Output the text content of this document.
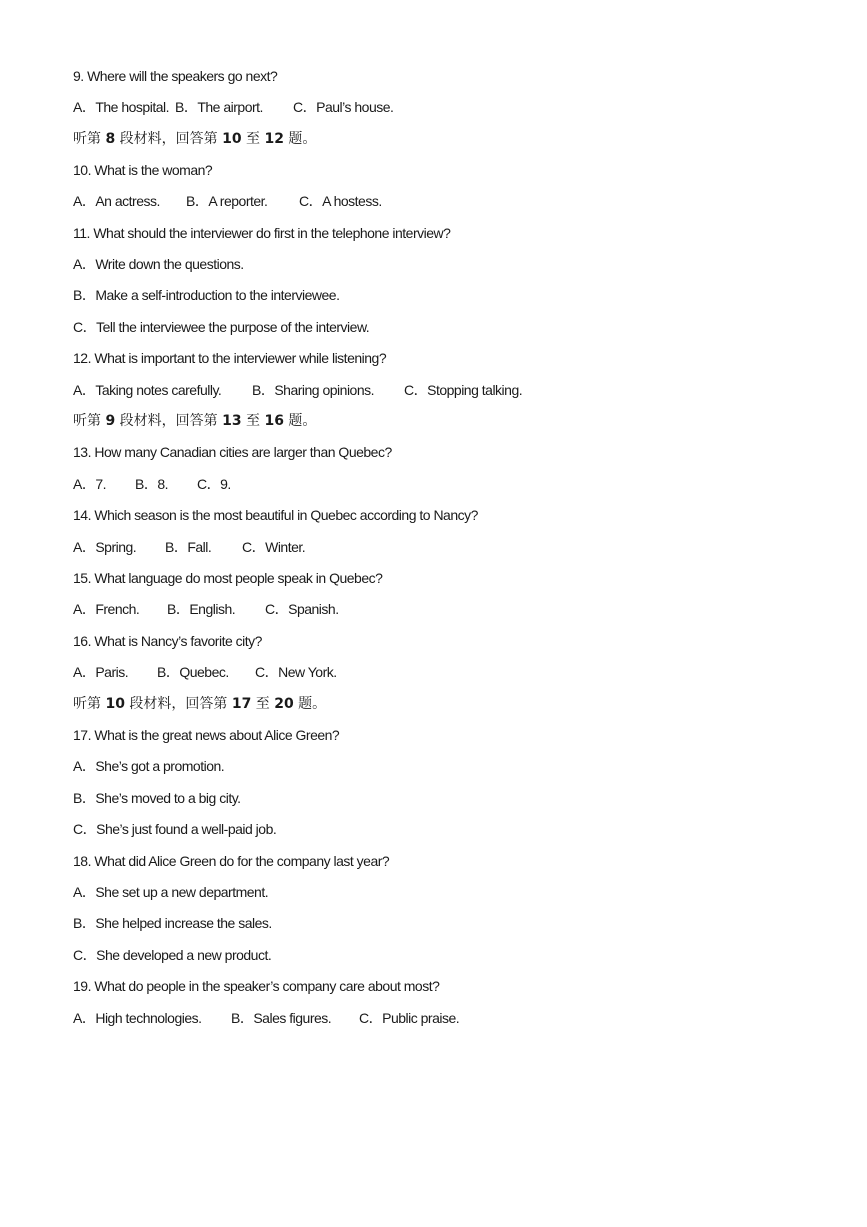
9. Where will the speakers go next?
A．The hospital. B．The airport. C．Paul’s house.
听第 8 段材料，回答第 10 至 12 题。
10. What is the woman?
A．An actress. B．A reporter. C．A hostess.
11. What should the interviewer do first in the telephone interview?
A．Write down the questions.
B．Make a self-introduction to the interviewee.
C．Tell the interviewee the purpose of the interview.
12. What is important to the interviewer while listening?
A．Taking notes carefully. B．Sharing opinions. C．Stopping talking.
听第 9 段材料，回答第 13 至 16 题。
13. How many Canadian cities are larger than Quebec?
A．7. B．8. C．9.
14. Which season is the most beautiful in Quebec according to Nancy?
A．Spring. B．Fall. C．Winter.
15. What language do most people speak in Quebec?
A．French. B．English. C．Spanish.
16. What is Nancy’s favorite city?
A．Paris. B．Quebec. C．New York.
听第 10 段材料，回答第 17 至 20 题。
17. What is the great news about Alice Green?
A．She’s got a promotion.
B．She’s moved to a big city.
C．She’s just found a well-paid job.
18. What did Alice Green do for the company last year?
A．She set up a new department.
B．She helped increase the sales.
C．She developed a new product.
19. What do people in the speaker’s company care about most?
A．High technologies. B．Sales figures. C．Public praise.
